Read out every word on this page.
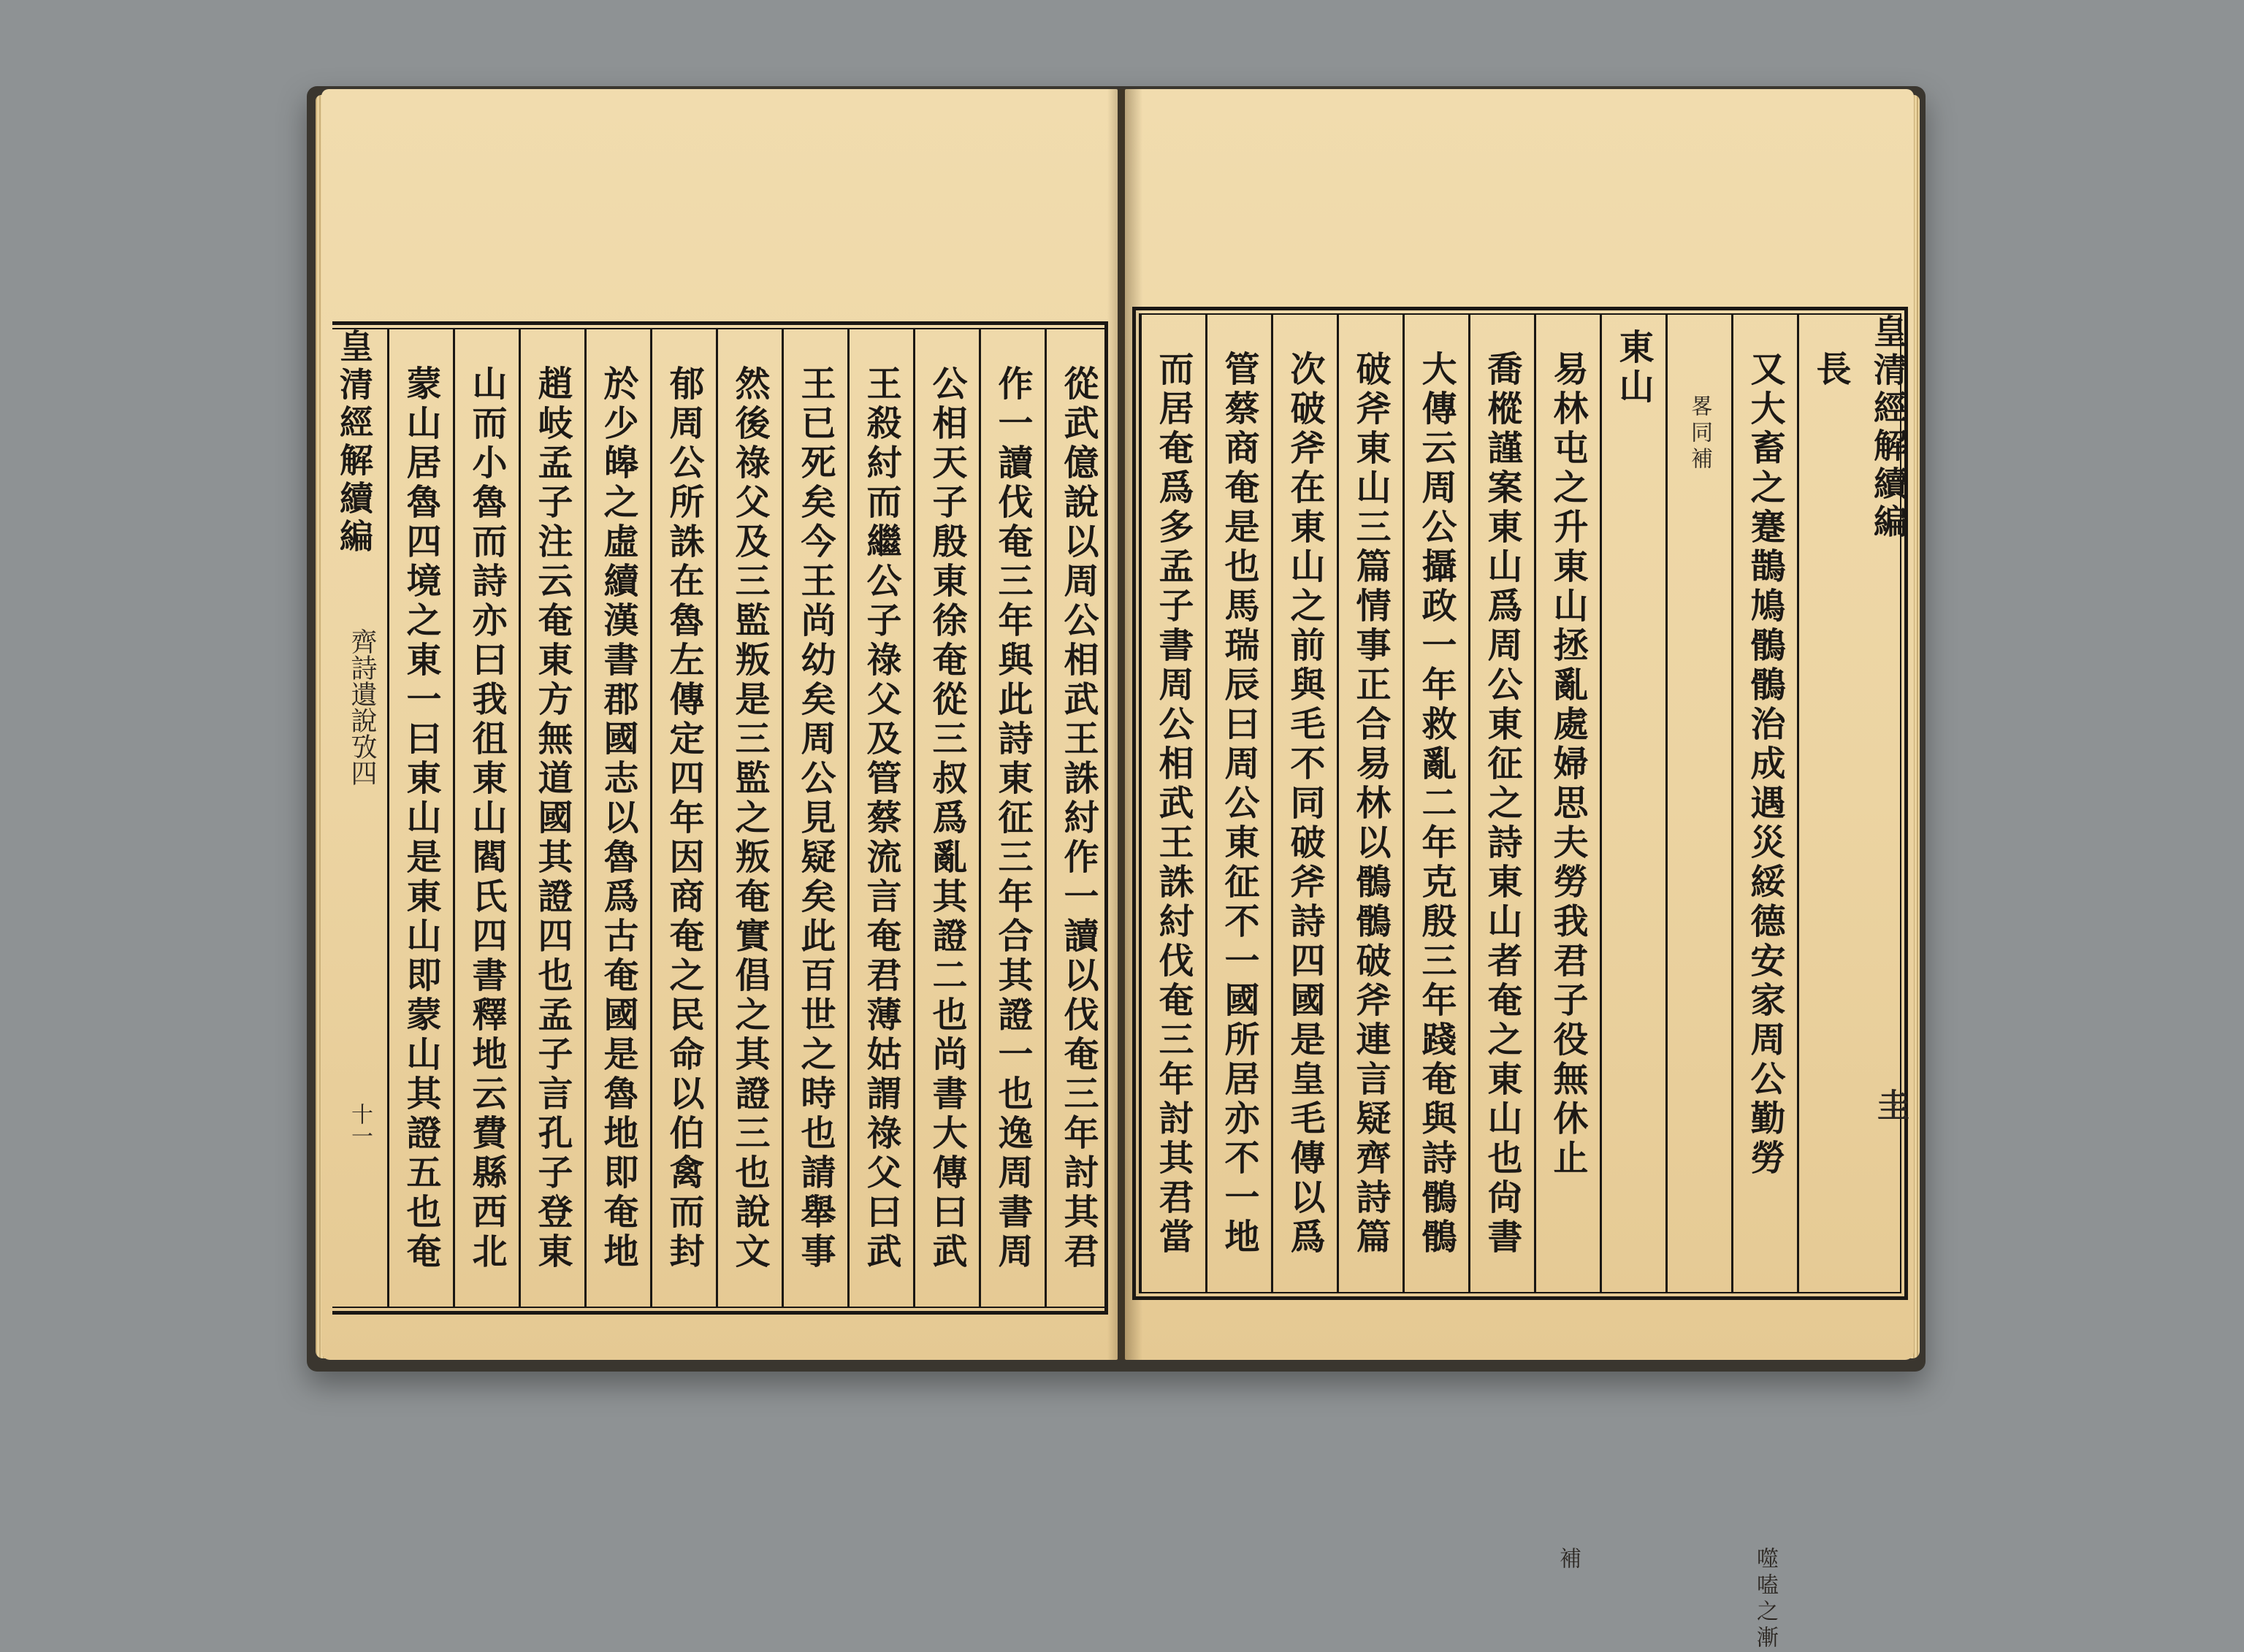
皇清經解續編
齊詩遺說攷四
十一	從武億說以周公相武王誅紂作一讀以伐奄三年討其君
作一讀伐奄三年與此詩東征三年合其證一也逸周書周
公相天子殷東徐奄從三叔爲亂其證二也尚書大傳曰武
王殺紂而繼公子祿父及管蔡流言奄君薄姑謂祿父曰武
王已死矣今王尚幼矣周公見疑矣此百世之時也請舉事
然後祿父及三監叛是三監之叛奄實倡之其證三也說文
郁周公所誅在魯左傳定四年因商奄之民命以伯禽而封
於少皞之虛續漢書郡國志以魯爲古奄國是魯地即奄地
趙岐孟子注云奄東方無道國其證四也孟子言孔子登東
山而小魯而詩亦曰我徂東山閻氏四書釋地云費縣西北
蒙山居魯四境之東一曰東山是東山即蒙山其證五也奄	皇清經解續編
圭
長
又大畜之蹇鵲鳩鶻鶻治成遇災綏德安家周公勤勞
噬嗑之漸
畧同補
東山
易林屯之升東山拯亂處婦思夫勞我君子役無休止
補
喬樅謹案東山爲周公東征之詩東山者奄之東山也尙書
大傳云周公攝政一年救亂二年克殷三年踐奄與詩鶻鶻
破斧東山三篇情事正合易林以鶻鶻破斧連言疑齊詩篇
次破斧在東山之前與毛不同破斧詩四國是皇毛傳以爲
管蔡商奄是也馬瑞辰曰周公東征不一國所居亦不一地
而居奄爲多孟子書周公相武王誅紂伐奄三年討其君當
